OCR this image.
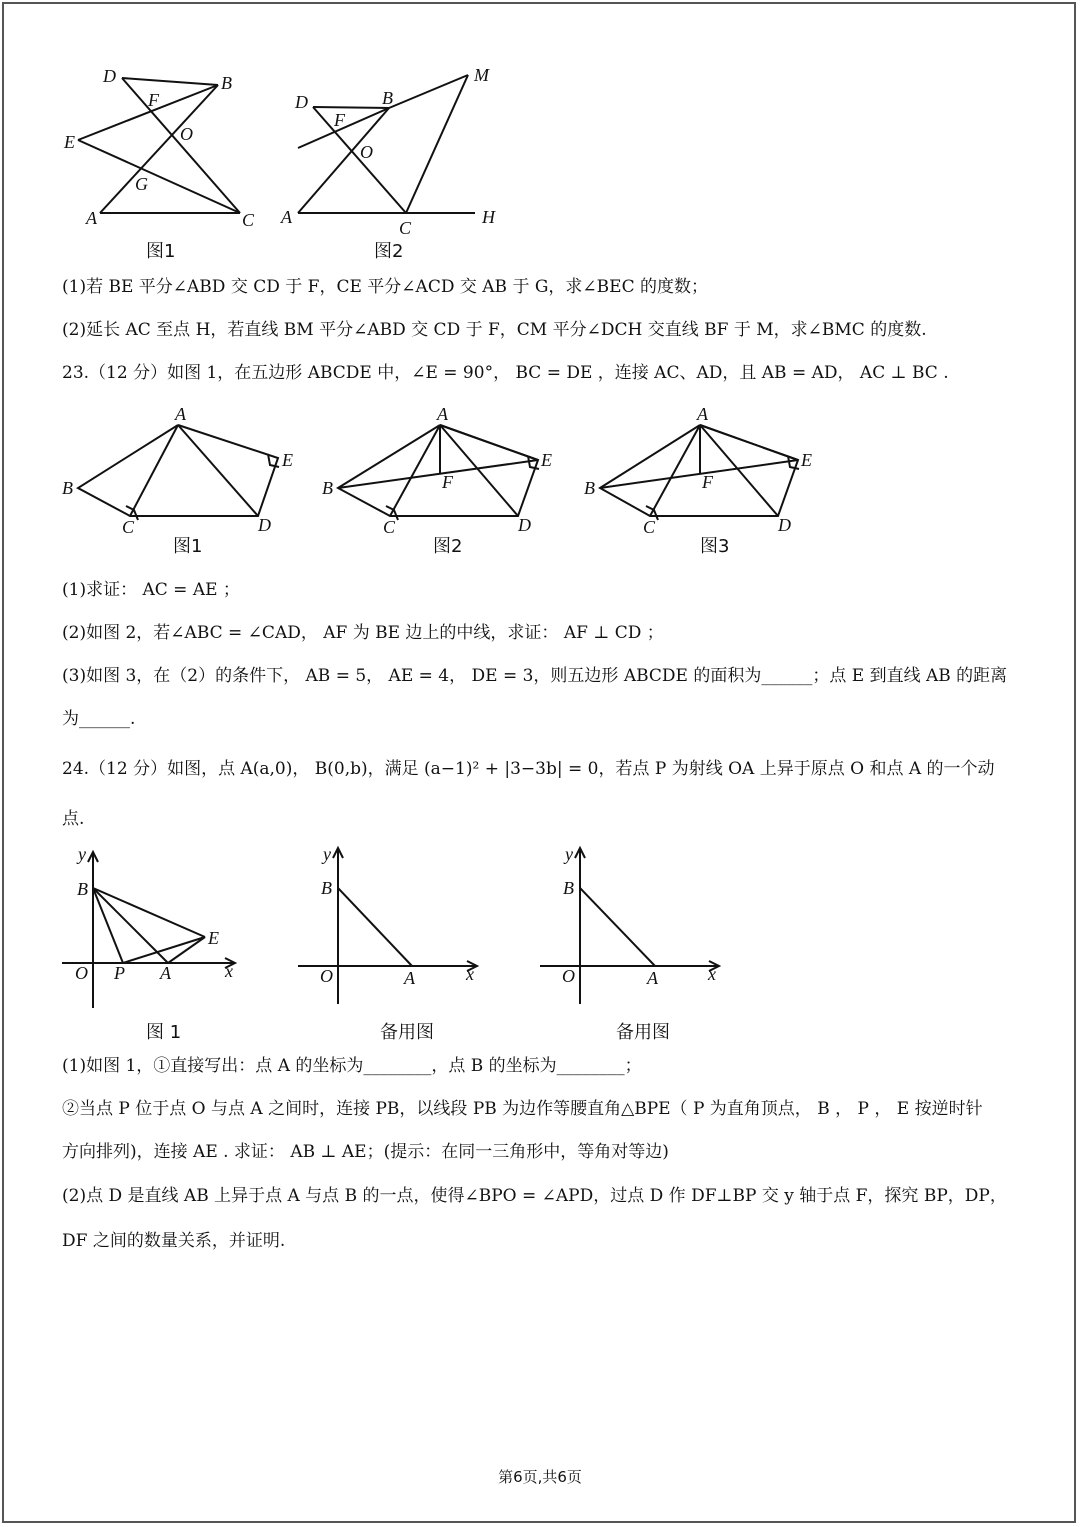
D	B
F
O
E
G
A	C
图1
D	B
M
F
O
A
C
H
图2
(1)若 BE 平分∠ABD 交 CD 于 F，CE 平分∠ACD 交 AB 于 G，求∠BEC 的度数；
(2)延长 AC 至点 H，若直线 BM 平分∠ABD 交 CD 于 F，CM 平分∠DCH 交直线 BF 于 M，求∠BMC 的度数.
23.（12 分）如图 1，在五边形 ABCDE 中，∠E = 90°， BC = DE ，连接 AC、AD，且 AB = AD， AC ⊥ BC .
A
B
C	D
E
图1
A
B
C	D
E
F
图2
A
B
C	D
E
F
图3
(1)求证： AC = AE ；
(2)如图 2，若∠ABC = ∠CAD， AF 为 BE 边上的中线，求证： AF ⊥ CD ；
(3)如图 3，在（2）的条件下， AB = 5， AE = 4， DE = 3，则五边形 ABCDE 的面积为______；点 E 到直线 AB 的距离
为______.
24.（12 分）如图，点 A(a,0)， B(0,b)，满足 (a−1)² + |3−3b| = 0，若点 P 为射线 OA 上异于原点 O 和点 A 的一个动
点.
y
B
E
O P A	x
图 1
y
B
O	A	x
备用图
y
B
O	A	x
备用图
(1)如图 1，①直接写出：点 A 的坐标为________，点 B 的坐标为________；
②当点 P 位于点 O 与点 A 之间时，连接 PB，以线段 PB 为边作等腰直角△BPE（ P 为直角顶点， B ， P ， E 按逆时针
方向排列)，连接 AE . 求证： AB ⊥ AE；(提示：在同一三角形中，等角对等边)
(2)点 D 是直线 AB 上异于点 A 与点 B 的一点，使得∠BPO = ∠APD，过点 D 作 DF⊥BP 交 y 轴于点 F，探究 BP，DP，
DF 之间的数量关系，并证明.
第6页,共6页
